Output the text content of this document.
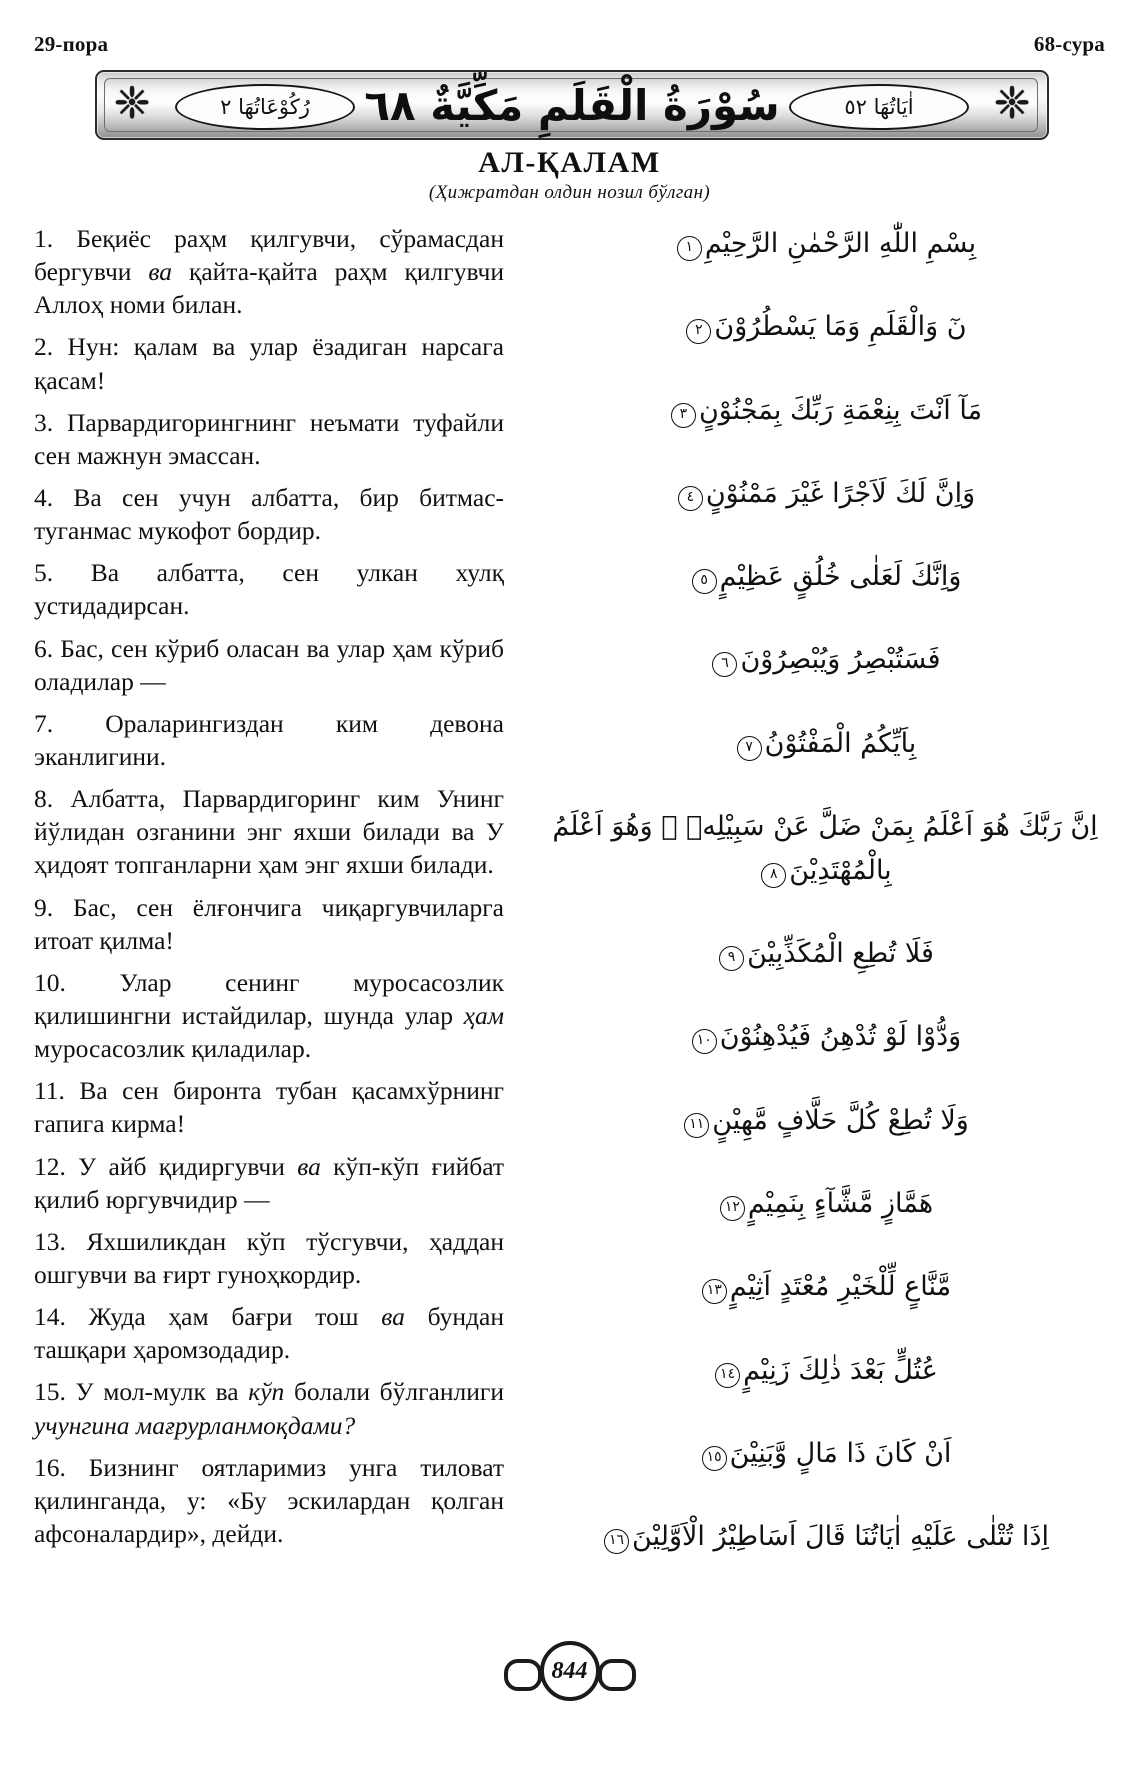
29-пора	68-сура
سُوْرَةُ الْقَلَمِ مَكِّيَّةٌ ٦٨
❈	❈
رُكُوْعَاتُهَا ٢	اٰيَاتُهَا ٥٢
АЛ-ҚАЛАМ
(Ҳижратдан олдин нозил бўлган)

1. Беқиёс раҳм қилгувчи, сўрамасдан бергувчи ва қайта-қайта раҳм қилгувчи Аллоҳ номи билан.

2. Нун: қалам ва улар ёзадиган нарсага қасам!

3. Парвардигорингнинг неъмати туфайли сен мажнун эмассан.

4. Ва сен учун албатта, бир битмас-туганмас мукофот бордир.

5. Ва албатта, сен улкан хулқ устидадирсан.

6. Бас, сен кўриб оласан ва улар ҳам кўриб оладилар —

7. Ораларингиздан ким девона эканлигини.

8. Албатта, Парвардигоринг ким Унинг йўлидан озганини энг яхши билади ва У ҳидоят топганларни ҳам энг яхши билади.

9. Бас, сен ёлғончига чиқаргувчиларга итоат қилма!

10. Улар сенинг муросасозлик қилишингни истайдилар, шунда улар ҳам муросасозлик қиладилар.

11. Ва сен биронта тубан қасамхўрнинг гапига кирма!

12. У айб қидиргувчи ва кўп-кўп ғийбат қилиб юргувчидир —

13. Яхшиликдан кўп тўсгувчи, ҳаддан ошгувчи ва ғирт гуноҳкордир.

14. Жуда ҳам бағри тош ва бундан ташқари ҳаромзодадир.

15. У мол-мулк ва кўп болали бўлганлиги учунгина мағрурланмоқдами?

16. Бизнинг оятларимиз унга тиловат қилинганда, у: «Бу эскилардан қолган афсоналардир», дейди.

بِسْمِ اللّٰهِ الرَّحْمٰنِ الرَّحِيْمِ١

نٓ وَالْقَلَمِ وَمَا يَسْطُرُوْنَ٢

مَآ اَنْتَ بِنِعْمَةِ رَبِّكَ بِمَجْنُوْنٍ٣

وَاِنَّ لَكَ لَاَجْرًا غَيْرَ مَمْنُوْنٍ٤

وَاِنَّكَ لَعَلٰى خُلُقٍ عَظِيْمٍ٥

فَسَتُبْصِرُ وَيُبْصِرُوْنَ٦

بِاَيِّكُمُ الْمَفْتُوْنُ٧

اِنَّ رَبَّكَ هُوَ اَعْلَمُ بِمَنْ ضَلَّ عَنْ سَبِيْلِهٖ ۪ وَهُوَ اَعْلَمُ بِالْمُهْتَدِيْنَ٨

فَلَا تُطِعِ الْمُكَذِّبِيْنَ٩

وَدُّوْا لَوْ تُدْهِنُ فَيُدْهِنُوْنَ١٠

وَلَا تُطِعْ كُلَّ حَلَّافٍ مَّهِيْنٍ١١

هَمَّازٍ مَّشَّآءٍ بِنَمِيْمٍ١٢

مَّنَّاعٍ لِّلْخَيْرِ مُعْتَدٍ اَثِيْمٍ١٣

عُتُلٍّ بَعْدَ ذٰلِكَ زَنِيْمٍ١٤

اَنْ كَانَ ذَا مَالٍ وَّبَنِيْنَ١٥

اِذَا تُتْلٰى عَلَيْهِ اٰيَاتُنَا قَالَ اَسَاطِيْرُ الْاَوَّلِيْنَ١٦

844
